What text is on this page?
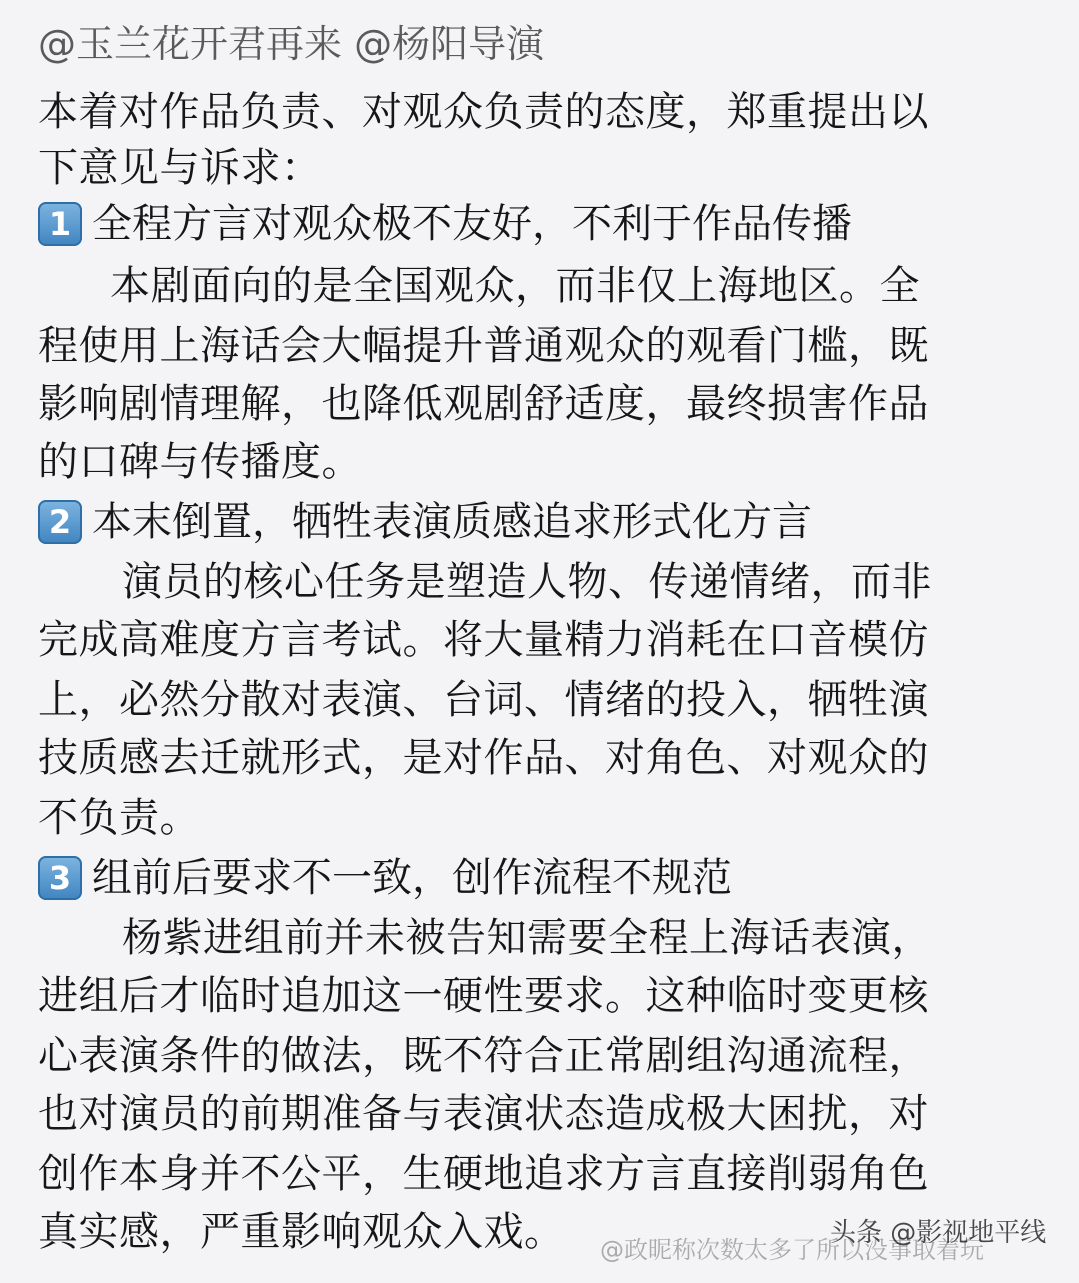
@玉兰花开君再来 @杨阳导演
本着对作品负责、对观众负责的态度，郑重提出以
下意见与诉求：
1 全程方言对观众极不友好，不利于作品传播
本剧面向的是全国观众，而非仅上海地区。全
程使用上海话会大幅提升普通观众的观看门槛，既
影响剧情理解，也降低观剧舒适度，最终损害作品
的口碑与传播度。
2 本末倒置，牺牲表演质感追求形式化方言
演员的核心任务是塑造人物、传递情绪，而非
完成高难度方言考试。将大量精力消耗在口音模仿
上，必然分散对表演、台词、情绪的投入，牺牲演
技质感去迁就形式，是对作品、对角色、对观众的
不负责。
3 组前后要求不一致，创作流程不规范
杨紫进组前并未被告知需要全程上海话表演，
进组后才临时追加这一硬性要求。这种临时变更核
心表演条件的做法，既不符合正常剧组沟通流程，
也对演员的前期准备与表演状态造成极大困扰，对
创作本身并不公平，生硬地追求方言直接削弱角色
真实感，严重影响观众入戏。 @政昵称次数太多了所以没事取着玩
头条 @影视地平线
